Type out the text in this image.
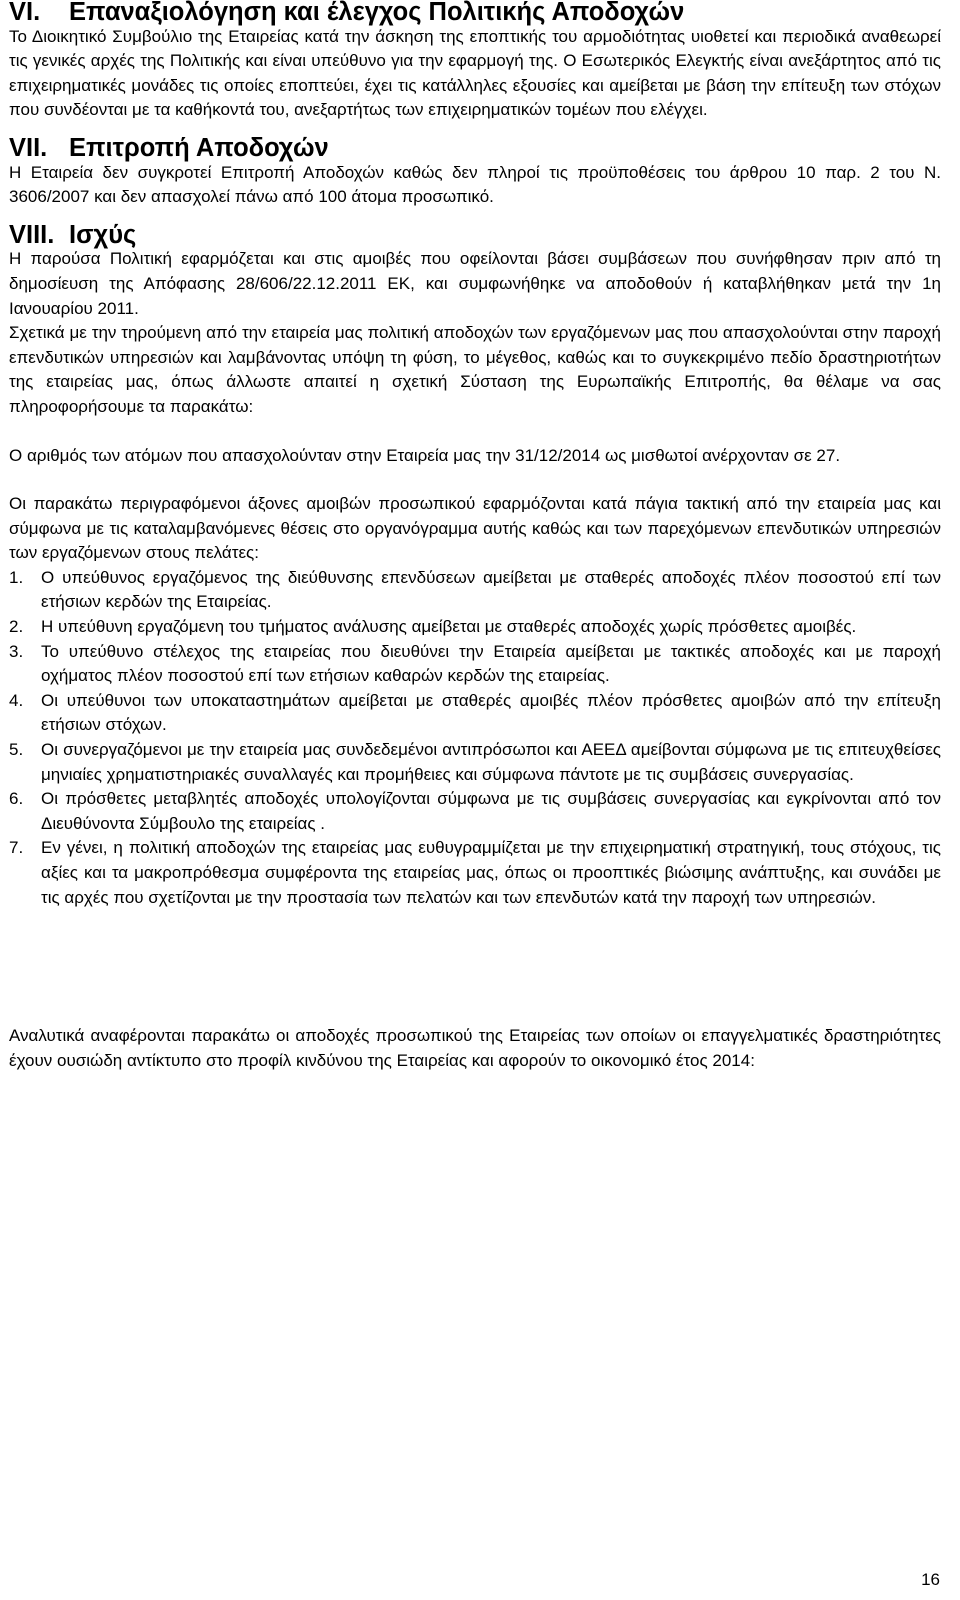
VI.	Επαναξιολόγηση και έλεγχος Πολιτικής Αποδοχών

Το Διοικητικό Συμβούλιο της Εταιρείας κατά την άσκηση της εποπτικής του αρμοδιότητας υιοθετεί και περιοδικά αναθεωρεί τις γενικές αρχές της Πολιτικής και είναι υπεύθυνο για την εφαρμογή της. Ο Εσωτερικός Ελεγκτής είναι ανεξάρτητος από τις επιχειρηματικές μονάδες τις οποίες εποπτεύει, έχει τις κατάλληλες εξουσίες και αμείβεται με βάση την επίτευξη των στόχων που συνδέονται με τα καθήκοντά του, ανεξαρτήτως των επιχειρηματικών τομέων που ελέγχει.

VII. Επιτροπή Αποδοχών

Η Εταιρεία δεν συγκροτεί Επιτροπή Αποδοχών καθώς δεν πληροί τις προϋποθέσεις του άρθρου 10 παρ. 2 του Ν. 3606/2007 και δεν απασχολεί πάνω από 100 άτομα προσωπικό.

VIII. Ισχύς

Η παρούσα Πολιτική εφαρμόζεται και στις αμοιβές που οφείλονται βάσει συμβάσεων που συνήφθησαν πριν από τη δημοσίευση της Απόφασης 28/606/22.12.2011 ΕΚ, και συμφωνήθηκε να αποδοθούν ή καταβλήθηκαν μετά την 1η Ιανουαρίου 2011.

Σχετικά με την τηρούμενη από την εταιρεία μας πολιτική αποδοχών των εργαζόμενων μας που απασχολούνται στην παροχή επενδυτικών υπηρεσιών και λαμβάνοντας υπόψη τη φύση, το μέγεθος, καθώς και το συγκεκριμένο πεδίο δραστηριοτήτων της εταιρείας μας, όπως άλλωστε απαιτεί η σχετική Σύσταση της Ευρωπαϊκής Επιτροπής, θα θέλαμε να σας πληροφορήσουμε τα παρακάτω:

Ο αριθμός των ατόμων που απασχολούνταν στην Εταιρεία μας την 31/12/2014 ως μισθωτοί ανέρχονταν σε 27.

Οι παρακάτω περιγραφόμενοι άξονες αμοιβών προσωπικού εφαρμόζονται κατά πάγια τακτική από την εταιρεία μας και σύμφωνα με τις καταλαμβανόμενες θέσεις στο οργανόγραμμα αυτής καθώς και των παρεχόμενων επενδυτικών υπηρεσιών των εργαζόμενων στους πελάτες:

1.	Ο υπεύθυνος εργαζόμενος της διεύθυνσης επενδύσεων αμείβεται με σταθερές αποδοχές πλέον ποσοστού επί των ετήσιων κερδών της Εταιρείας.
2.	Η υπεύθυνη εργαζόμενη του τμήματος ανάλυσης αμείβεται με σταθερές αποδοχές χωρίς πρόσθετες αμοιβές.
3.	Το υπεύθυνο στέλεχος της εταιρείας που διευθύνει την Εταιρεία αμείβεται με τακτικές αποδοχές και με παροχή οχήματος πλέον ποσοστού επί των ετήσιων καθαρών κερδών της εταιρείας.
4.	Οι υπεύθυνοι των υποκαταστημάτων αμείβεται με σταθερές αμοιβές πλέον πρόσθετες αμοιβών από την επίτευξη ετήσιων στόχων.
5.	Οι συνεργαζόμενοι με την εταιρεία μας συνδεδεμένοι αντιπρόσωποι και ΑΕΕΔ αμείβονται σύμφωνα με τις επιτευχθείσες μηνιαίες χρηματιστηριακές συναλλαγές και προμήθειες και σύμφωνα πάντοτε με τις συμβάσεις συνεργασίας.
6.	Οι πρόσθετες μεταβλητές αποδοχές υπολογίζονται σύμφωνα με τις συμβάσεις συνεργασίας και εγκρίνονται από τον Διευθύνοντα Σύμβουλο της εταιρείας .
7.	Εν γένει, η πολιτική αποδοχών της εταιρείας μας ευθυγραμμίζεται με την επιχειρηματική στρατηγική, τους στόχους, τις αξίες και τα μακροπρόθεσμα συμφέροντα της εταιρείας μας, όπως οι προοπτικές βιώσιμης ανάπτυξης, και συνάδει με τις αρχές που σχετίζονται με την προστασία των πελατών και των επενδυτών κατά την παροχή των υπηρεσιών.

Αναλυτικά αναφέρονται παρακάτω οι αποδοχές προσωπικού της Εταιρείας των οποίων οι επαγγελματικές δραστηριότητες έχουν ουσιώδη αντίκτυπο στο προφίλ κινδύνου της Εταιρείας και αφορούν το οικονομικό έτος 2014:

16
